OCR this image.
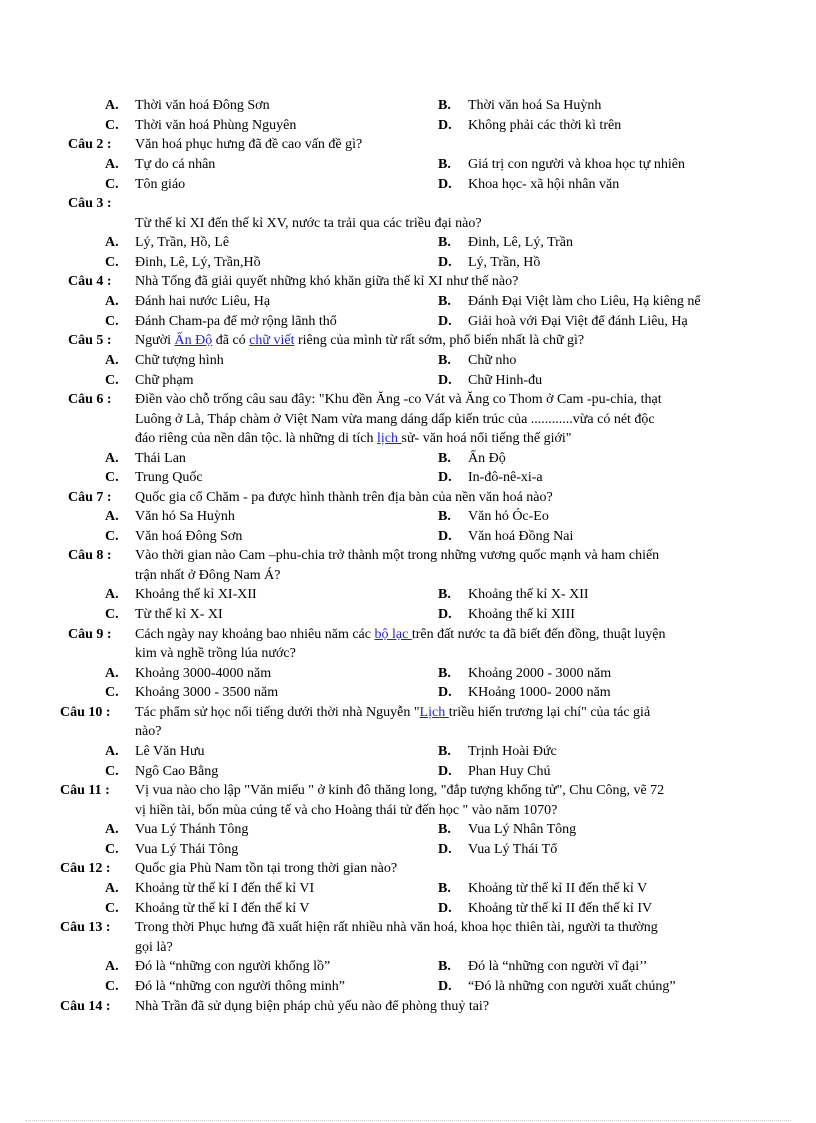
A. Thời văn hoá Đông Sơn	B. Thời văn hoá Sa Huỳnh
C. Thời văn hoá Phùng Nguyên	D. Không phải các thời kì trên
Câu 2 : Văn hoá phục hưng đã đề cao vấn đề gì?
A. Tự do cá nhân	B. Giá trị con người và khoa học tự nhiên
C. Tôn giáo	D. Khoa học- xã hội nhân văn
Câu 3 :
Từ thế kỉ XI đến thế kỉ XV, nước ta trải qua các triều đại nào?
A. Lý, Trần, Hồ, Lê	B. Đinh, Lê, Lý, Trần
C. Đinh, Lê, Lý, Trần,Hồ	D. Lý, Trần, Hồ
Câu 4 : Nhà Tống đã giải quyết những khó khăn giữa thế kỉ XI như thế nào?
A. Đánh hai nước Liêu, Hạ	B. Đánh Đại Việt làm cho Liêu, Hạ kiêng nể
C. Đánh Cham-pa để mở rộng lãnh thổ	D. Giải hoà với Đại Việt để đánh Liêu, Hạ
Câu 5 : Người Ấn Độ đã có chữ viết riêng của mình từ rất sớm, phổ biến nhất là chữ gì?
A. Chữ tượng hình	B. Chữ nho
C. Chữ phạm	D. Chữ Hinh-đu
Câu 6 : Điền vào chỗ trống câu sau đây: "Khu đền Ăng -co Vát và Ăng co Thom ở Cam -pu-chia, thạt
Luông ở Là, Tháp chàm ở Việt Nam vừa mang dáng dấp kiến trúc của ............vừa có nét độc
đáo riêng của nền dân tộc. là những di tích lịch sử- văn hoá nổi tiếng thế giới"
A. Thái Lan	B. Ấn Độ
C. Trung Quốc	D. In-đô-nê-xi-a
Câu 7 : Quốc gia cổ Chăm - pa được hình thành trên địa bàn của nền văn hoá nào?
A. Văn hó Sa Huỳnh	B. Văn hó Óc-Eo
C. Văn hoá Đông Sơn	D. Văn hoá Đồng Nai
Câu 8 : Vào thời gian nào Cam –phu-chia trở thành một trong những vương quốc mạnh và ham chiến
trận nhất ở Đông Nam Á?
A. Khoảng thế kỉ XI-XII	B. Khoảng thế kỉ X- XII
C. Từ thế kỉ X- XI	D. Khoảng thế kỉ XIII
Câu 9 : Cách ngày nay khoảng bao nhiêu năm các bộ lạc trên đất nước ta đã biết đến đồng, thuật luyện
kim và nghề trồng lúa nước?
A. Khoảng 3000-4000 năm	B. Khoảng 2000 - 3000 năm
C. Khoảng 3000 - 3500 năm	D. KHoảng 1000- 2000 năm
Câu 10 : Tác phẩm sử học nổi tiếng dưới thời nhà Nguyễn "Lịch triều hiến trương lại chí" của tác giả
nào?
A. Lê Văn Hưu	B. Trịnh Hoài Đức
C. Ngô Cao Bằng	D. Phan Huy Chú
Câu 11 : Vị vua nào cho lập "Văn miếu " ở kinh đô thăng long, "đắp tượng khổng tử", Chu Công, vẽ 72
vị hiền tài, bốn mùa cúng tế và cho Hoàng thái tử đến học " vào năm 1070?
A. Vua Lý Thánh Tông	B. Vua Lý Nhân Tông
C. Vua Lý Thái Tông	D. Vua Lý Thái Tổ
Câu 12 : Quốc gia Phù Nam tồn tại trong thời gian nào?
A. Khoảng từ thế kỉ I đến thế kỉ VI	B. Khoảng từ thế kỉ II đến thế kỉ V
C. Khoảng từ thế kỉ I đến thế kỉ V	D. Khoảng từ thế kỉ II đến thế kỉ IV
Câu 13 : Trong thời Phục hưng đã xuất hiện rất nhiều nhà văn hoá, khoa học thiên tài, người ta thường
gọi là?
A. Đó là “những con người khổng lồ”	B. Đó là “những con người vĩ đại’’
C. Đó là “những con người thông minh”	D. “Đó là những con người xuất chúng”
Câu 14 : Nhà Trần đã sử dụng biện pháp chủ yếu nào để phòng thuỷ tai?
